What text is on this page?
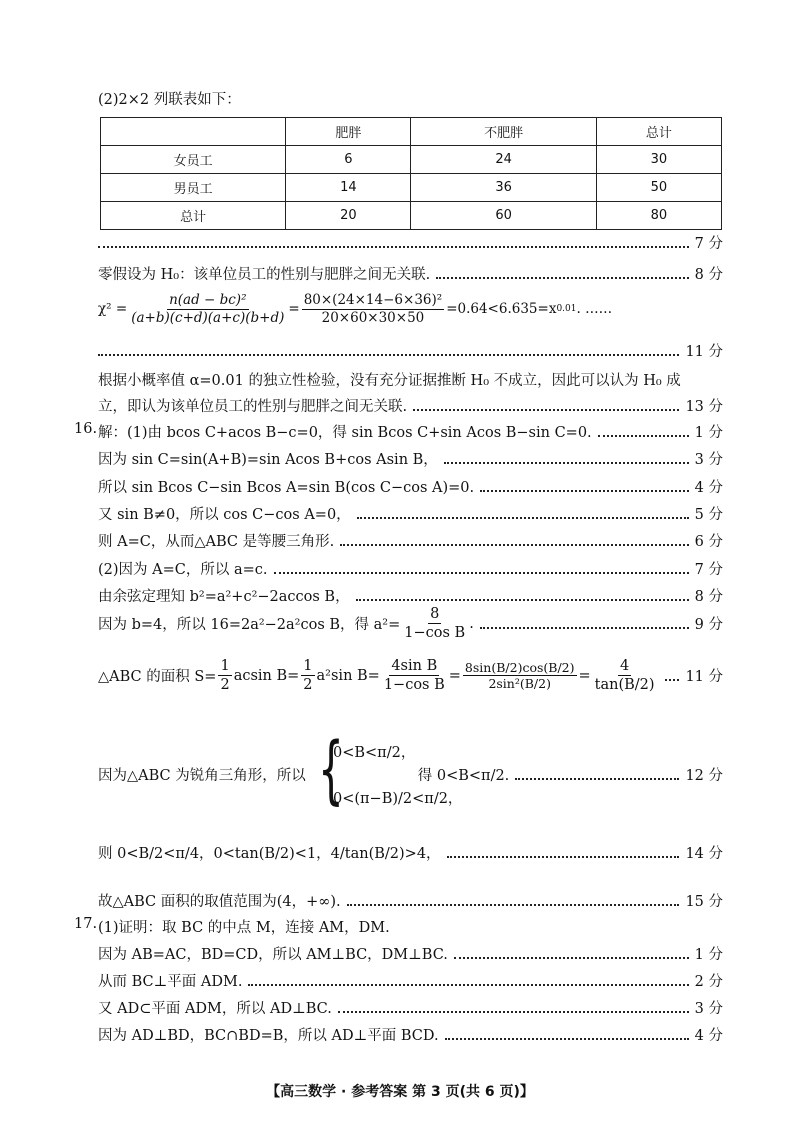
(2)2×2 列联表如下：
	肥胖	不肥胖	总计
女员工	6	24	30
男员工	14	36	50
总计	20	60	80
7 分
零假设为 H₀：该单位员工的性别与肥胖之间无关联.	8 分
$\chi^2 = \frac{\text{n(ad − bc)²}}{(a+b)(c+d)(a+c)(b+d)} = \frac{\text{80×(24×14−6×36)²}}{20\times 60\times 30\times 50} =0.64<6.635=x$ 0.01 . ……
11 分
根据小概率值 α=0.01 的独立性检验，没有充分证据推断 H₀ 不成立，因此可以认为 H₀ 成
立，即认为该单位员工的性别与肥胖之间无关联.	13 分
16. 解：(1)由 bcos C+acos B−c=0，得 sin Bcos C+sin Acos B−sin C=0.	1 分
因为 sin C=sin(A+B)=sin Acos B+cos Asin B，	3 分
所以 sin Bcos C−sin Bcos A=sin B(cos C−cos A)=0.	4 分
又 sin B≠0，所以 cos C−cos A=0，	5 分
则 A=C，从而△ABC 是等腰三角形.	6 分
(2)因为 A=C，所以 a=c.	7 分
由余弦定理知 b²=a²+c²−2accos B，	8 分
因为 b=4，所以 16=2a²−2a²cos B，得 $a^2= \frac{8}{\text{1−cos B}}$ .	9 分
△ABC 的面积 $S= \frac{1}{2}$ acsin $B= \frac{1}{2} a^2\sin$ $B= \frac{\text{4sin B}}{\text{1−cos B}} = \frac{8\sin(B/2)\cos(B/2)}{\text{2sin²(B/2)}} = \frac{4}{\tan(B/2)} 11$ 分
因为△ABC 为锐角三角形，所以	得 0<B<π/2.	12 分
{
0<B<π/2，
0<(π−B)/2<π/2，
则 0<B/2<π/4，0<tan(B/2)<1，4/tan(B/2)>4，	14 分
故△ABC 面积的取值范围为(4，+∞).	15 分
17. (1)证明：取 BC 的中点 M，连接 AM，DM.
因为 AB=AC，BD=CD，所以 AM⊥BC，DM⊥BC.	1 分
从而 BC⊥平面 ADM.	2 分
又 AD⊂平面 ADM，所以 AD⊥BC.	3 分
因为 AD⊥BD，BC∩BD=B，所以 AD⊥平面 BCD.	4 分
【高三数学 · 参考答案 第 3 页(共 6 页)】
